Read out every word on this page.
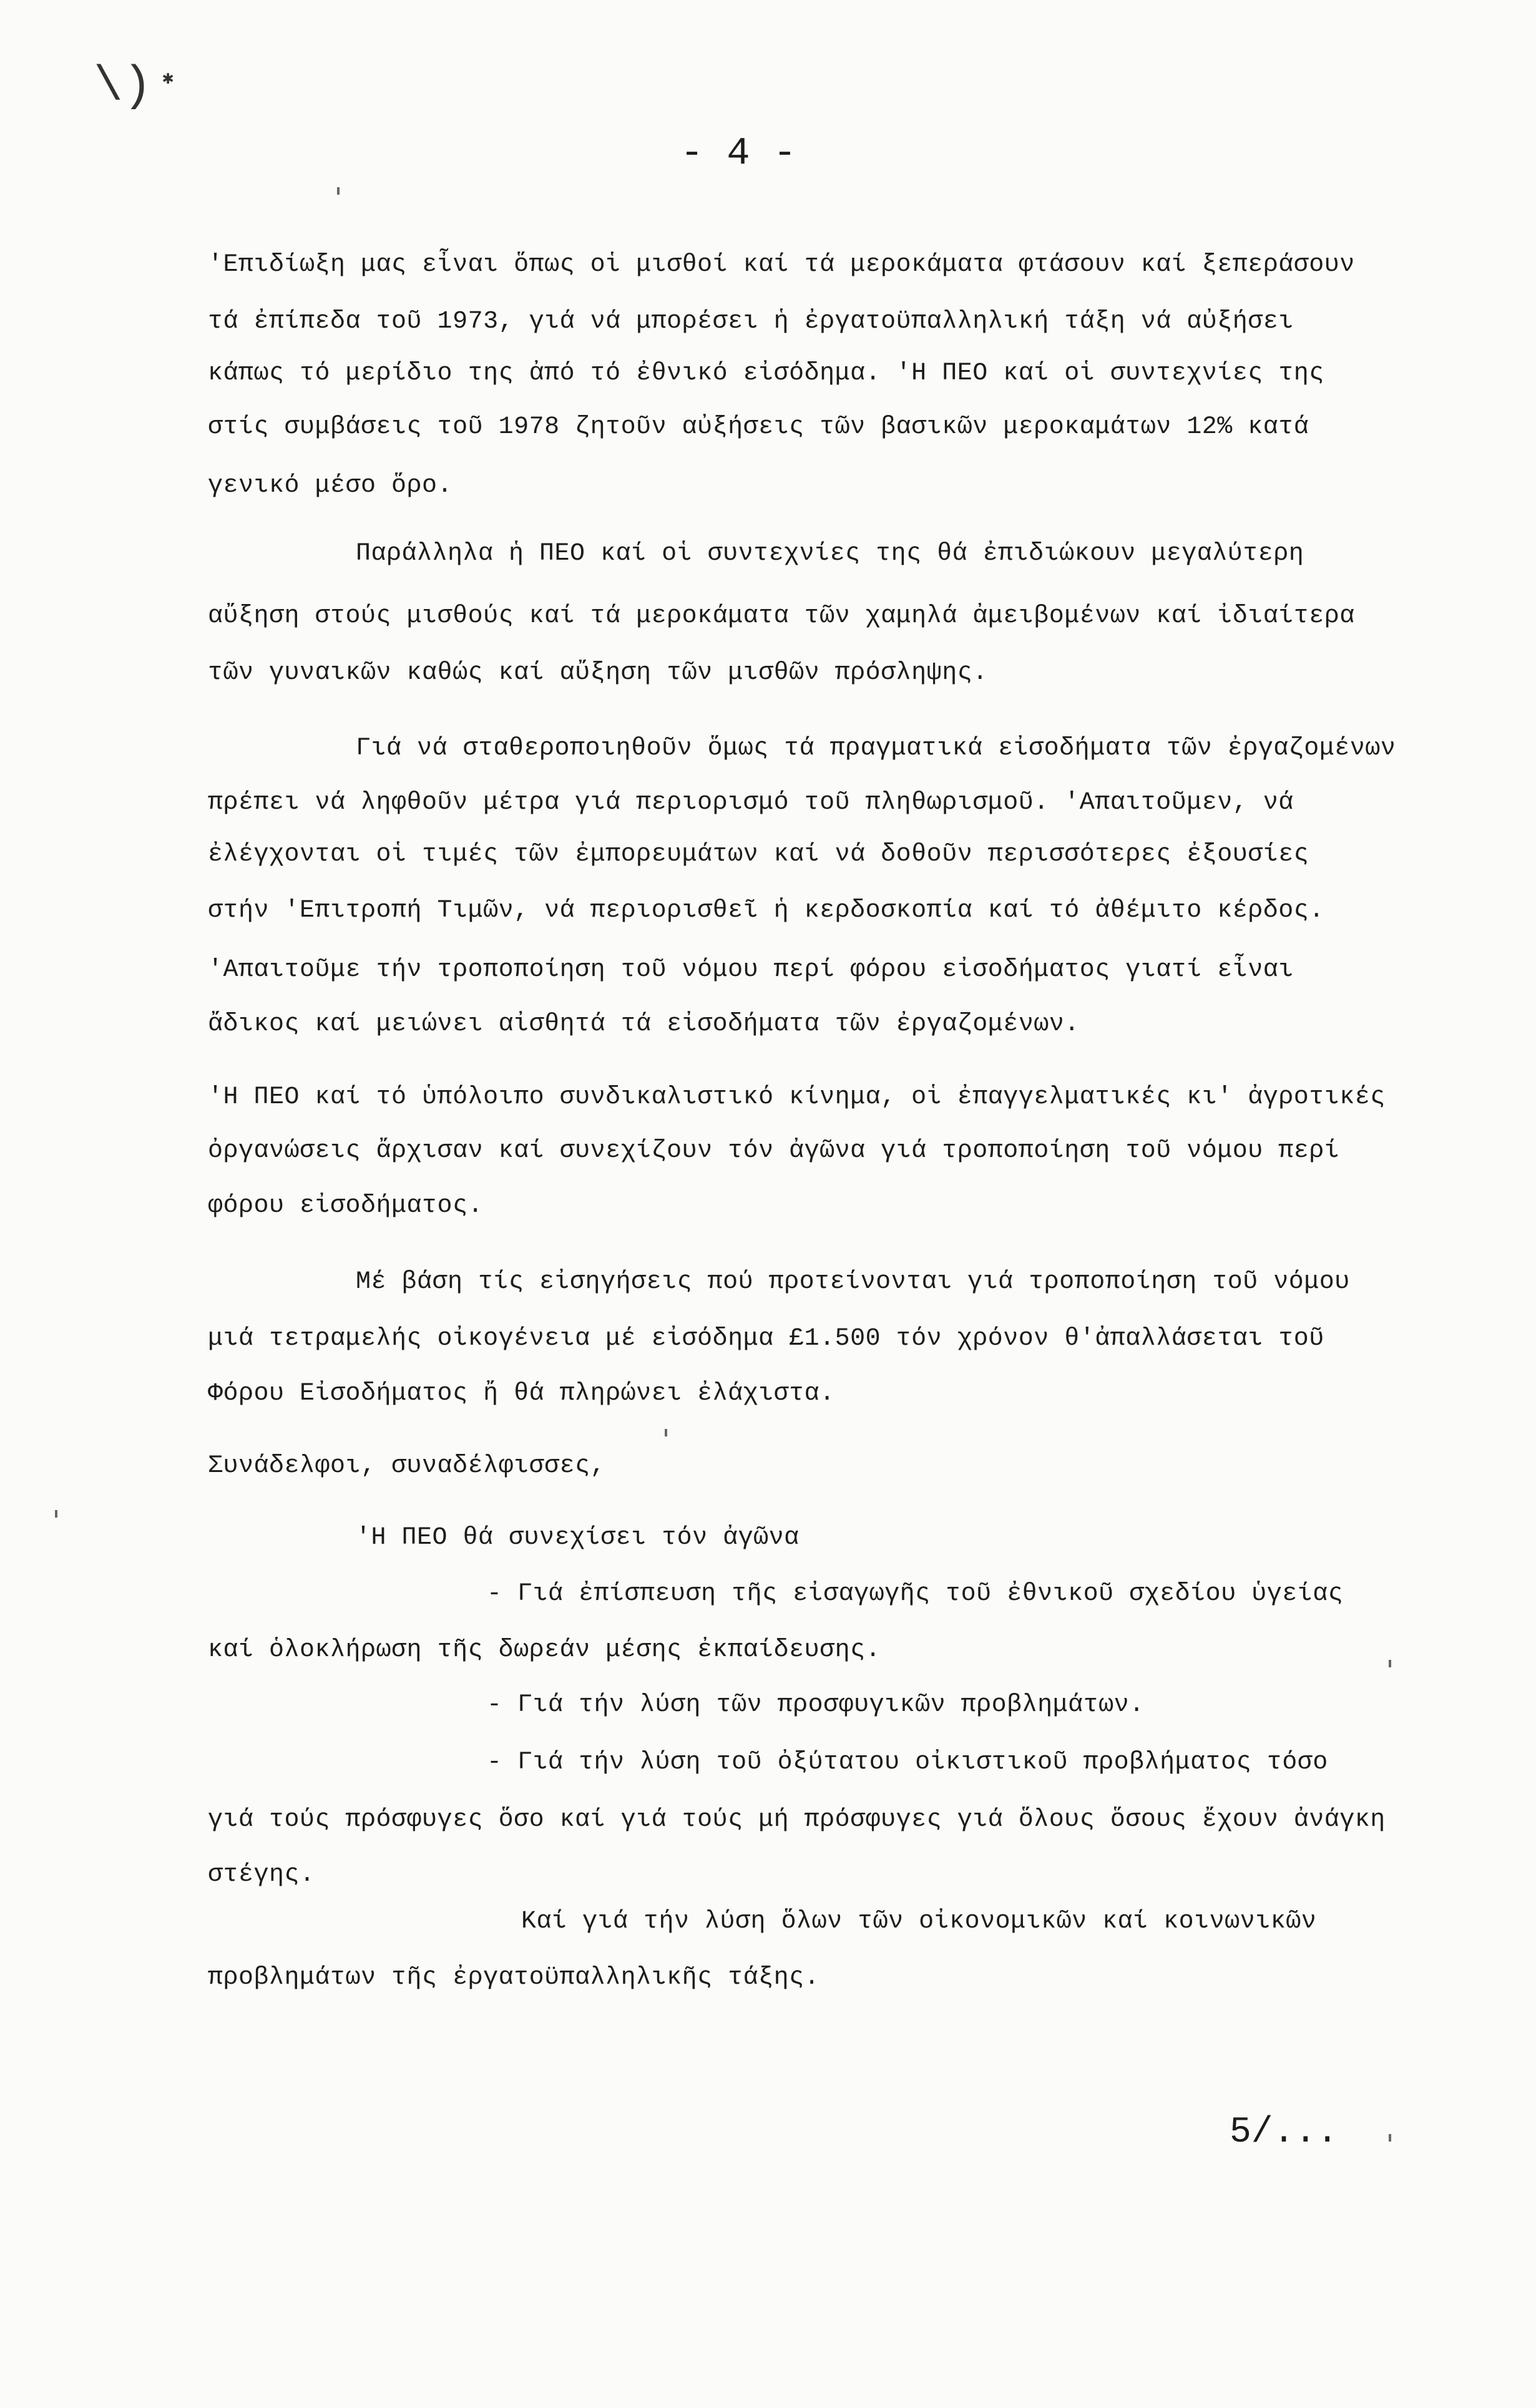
\) ✱
- 4 -
'Επιδίωξη μας εἶναι ὅπως οἱ μισθοί καί τά μεροκάματα φτάσουν καί ξεπεράσουν
τά ἐπίπεδα τοῦ 1973, γιά νά μπορέσει ἡ ἐργατοϋπαλληλική τάξη νά αὐξήσει
κάπως τό μερίδιο της ἀπό τό ἐθνικό εἰσόδημα. 'Η ΠΕΟ καί οἱ συντεχνίες της
στίς συμβάσεις τοῦ 1978 ζητοῦν αὐξήσεις τῶν βασικῶν μεροκαμάτων 12% κατά
γενικό μέσο ὅρο.
Παράλληλα ἡ ΠΕΟ καί οἱ συντεχνίες της θά ἐπιδιώκουν μεγαλύτερη
αὔξηση στούς μισθούς καί τά μεροκάματα τῶν χαμηλά ἀμειβομένων καί ἰδιαίτερα
τῶν γυναικῶν καθώς καί αὔξηση τῶν μισθῶν πρόσληψης.
Γιά νά σταθεροποιηθοῦν ὅμως τά πραγματικά εἰσοδήματα τῶν ἐργαζομένων
πρέπει νά ληφθοῦν μέτρα γιά περιορισμό τοῦ πληθωρισμοῦ. 'Απαιτοῦμεν, νά
ἐλέγχονται οἱ τιμές τῶν ἐμπορευμάτων καί νά δοθοῦν περισσότερες ἐξουσίες
στήν 'Επιτροπή Τιμῶν, νά περιορισθεῖ ἡ κερδοσκοπία καί τό ἀθέμιτο κέρδος.
'Απαιτοῦμε τήν τροποποίηση τοῦ νόμου περί φόρου εἰσοδήματος γιατί εἶναι
ἄδικος καί μειώνει αἰσθητά τά εἰσοδήματα τῶν ἐργαζομένων.
'Η ΠΕΟ καί τό ὑπόλοιπο συνδικαλιστικό κίνημα, οἱ ἐπαγγελματικές κι' ἀγροτικές
ὀργανώσεις ἄρχισαν καί συνεχίζουν τόν ἀγῶνα γιά τροποποίηση τοῦ νόμου περί
φόρου εἰσοδήματος.
Μέ βάση τίς εἰσηγήσεις πού προτείνονται γιά τροποποίηση τοῦ νόμου
μιά τετραμελής οἰκογένεια μέ εἰσόδημα £1.500 τόν χρόνον θ'ἀπαλλάσεται τοῦ
Φόρου Εἰσοδήματος ἤ θά πληρώνει ἐλάχιστα.
Συνάδελφοι, συναδέλφισσες,
'Η ΠΕΟ θά συνεχίσει τόν ἀγῶνα
- Γιά ἐπίσπευση τῆς εἰσαγωγῆς τοῦ ἐθνικοῦ σχεδίου ὑγείας
καί ὁλοκλήρωση τῆς δωρεάν μέσης ἐκπαίδευσης.
- Γιά τήν λύση τῶν προσφυγικῶν προβλημάτων.
- Γιά τήν λύση τοῦ ὀξύτατου οἰκιστικοῦ προβλήματος τόσο
γιά τούς πρόσφυγες ὅσο καί γιά τούς μή πρόσφυγες γιά ὅλους ὅσους ἔχουν ἀνάγκη
στέγης.
Καί γιά τήν λύση ὅλων τῶν οἰκονομικῶν καί κοινωνικῶν
προβλημάτων τῆς ἐργατοϋπαλληλικῆς τάξης.
5/...
